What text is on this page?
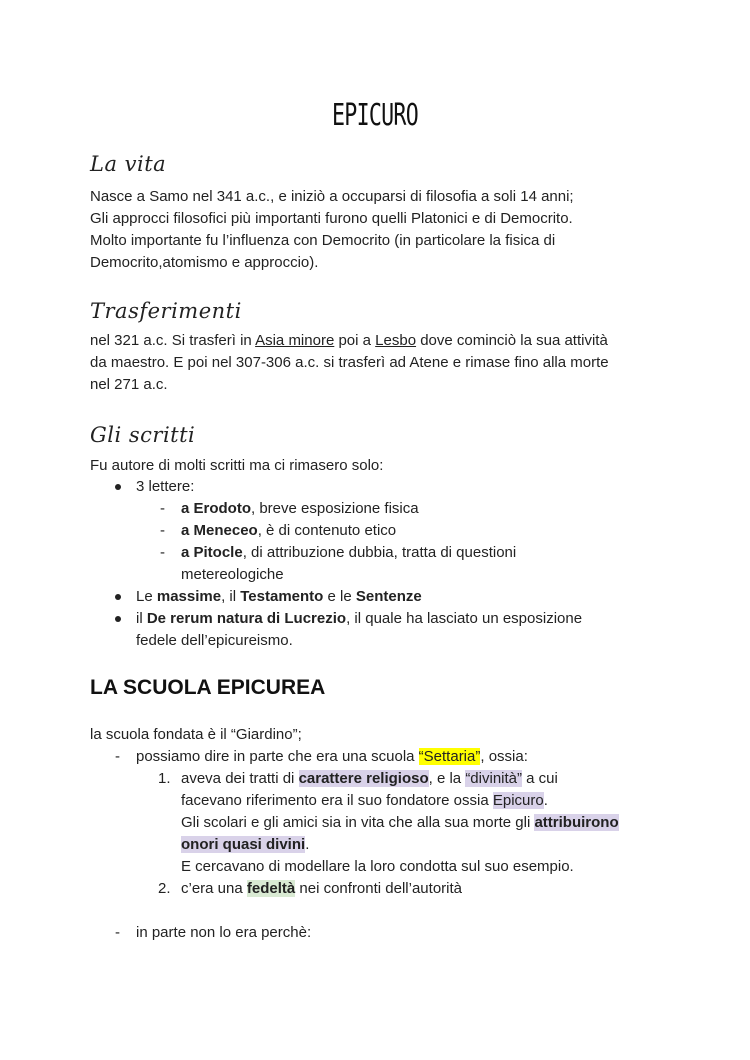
EPICURO
La vita

Nasce a Samo nel 341 a.c., e iniziò a occuparsi di filosofia a soli 14 anni;

Gli approcci filosofici più importanti furono quelli Platonici e di Democrito.

Molto importante fu l’influenza con Democrito (in particolare la fisica di

Democrito,atomismo e approccio).

Trasferimenti

nel 321 a.c. Si trasferì in Asia minore poi a Lesbo dove cominciò la sua attività

da maestro. E poi nel 307-306 a.c. si trasferì ad Atene e rimase fino alla morte

nel 271 a.c.

Gli scritti
Fu autore di molti scritti ma ci rimasero solo:
3 lettere:
- a Erodoto, breve esposizione fisica
- a Meneceo, è di contenuto etico
- a Pitocle, di attribuzione dubbia, tratta di questioni
metereologiche
Le massime, il Testamento e le Sentenze
il De rerum natura di Lucrezio, il quale ha lasciato un esposizione
fedele dell’epicureismo.
LA SCUOLA EPICUREA
la scuola fondata è il “Giardino”;
- possiamo dire in parte che era una scuola “Settaria”, ossia:
1. aveva dei tratti di carattere religioso, e la “divinità” a cui
facevano riferimento era il suo fondatore ossia Epicuro.
Gli scolari e gli amici sia in vita che alla sua morte gli attribuirono
onori quasi divini.
E cercavano di modellare la loro condotta sul suo esempio.
2. c’era una fedeltà nei confronti dell’autorità
- in parte non lo era perchè:
